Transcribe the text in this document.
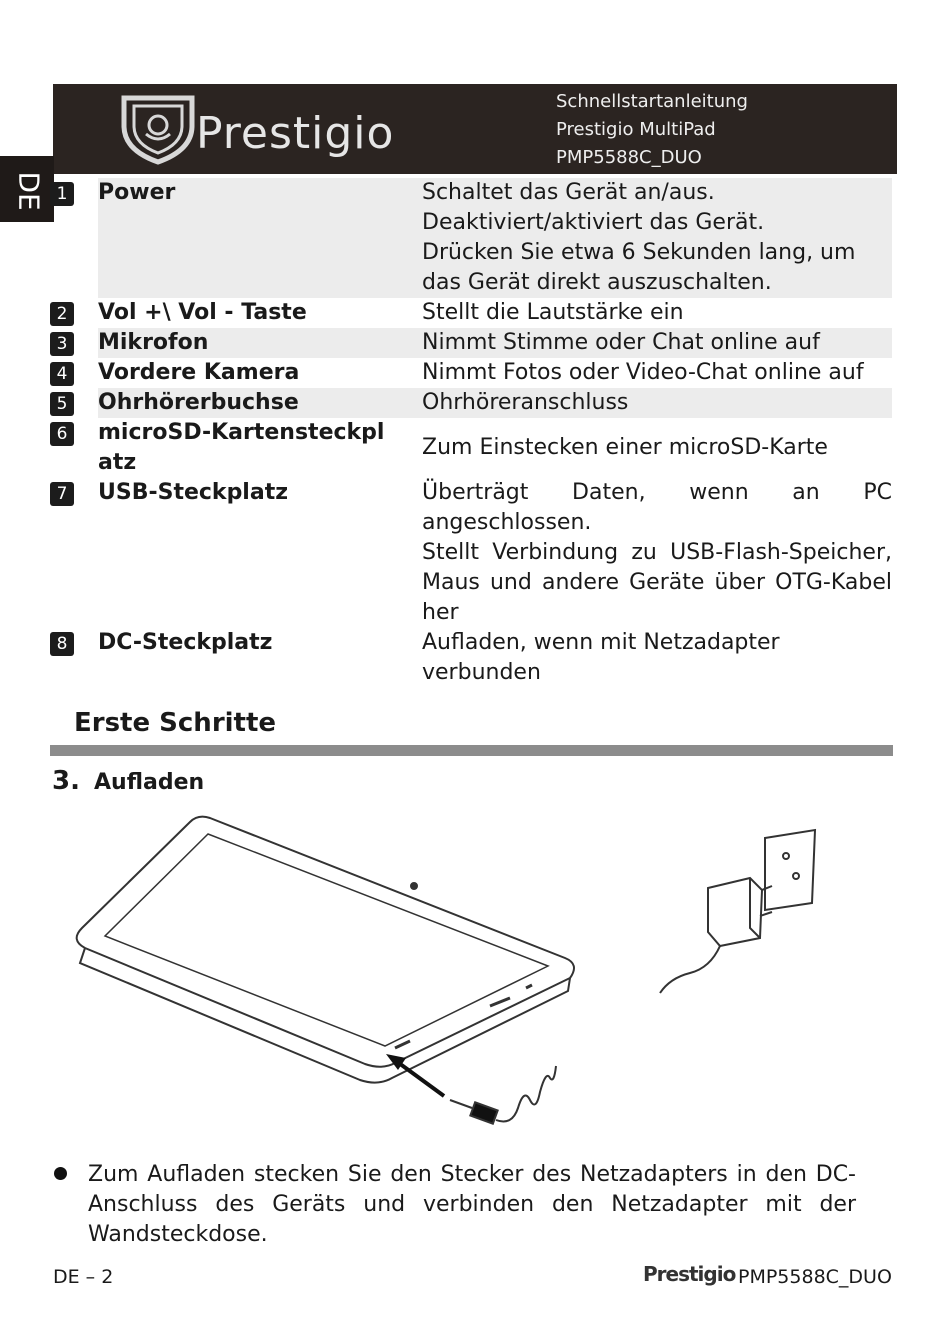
Prestigio
Schnellstartanleitung
Prestigio MultiPad
PMP5588C_DUO
DE 1	Power	Schaltet das Gerät an/aus.
Deaktiviert/aktiviert das Gerät.
Drücken Sie etwa 6 Sekunden lang, um das Gerät direkt auszuschalten.

2	Vol +\ Vol - Taste	Stellt die Lautstärke ein
3	Mikrofon	Nimmt Stimme oder Chat online auf
4	Vordere Kamera	Nimmt Fotos oder Video-Chat online auf
5	Ohrhörerbuchse	Ohrhöreranschluss
6	microSD-Kartensteckpl atz	Zum Einstecken einer microSD-Karte
7	USB-Steckplatz	Überträgt Daten, wenn an PC angeschlossen.
Stellt Verbindung zu USB-Flash-Speicher, Maus und andere Geräte über OTG-Kabel her

8	DC-Steckplatz	Aufladen, wenn mit Netzadapter verbunden
Erste Schritte
3. Aufladen
Zum Aufladen stecken Sie den Stecker des Netzadapters in den DC-Anschluss des Geräts und verbinden den Netzadapter mit der Wandsteckdose.
DE – 2	Prestigio PMP5588C_DUO
